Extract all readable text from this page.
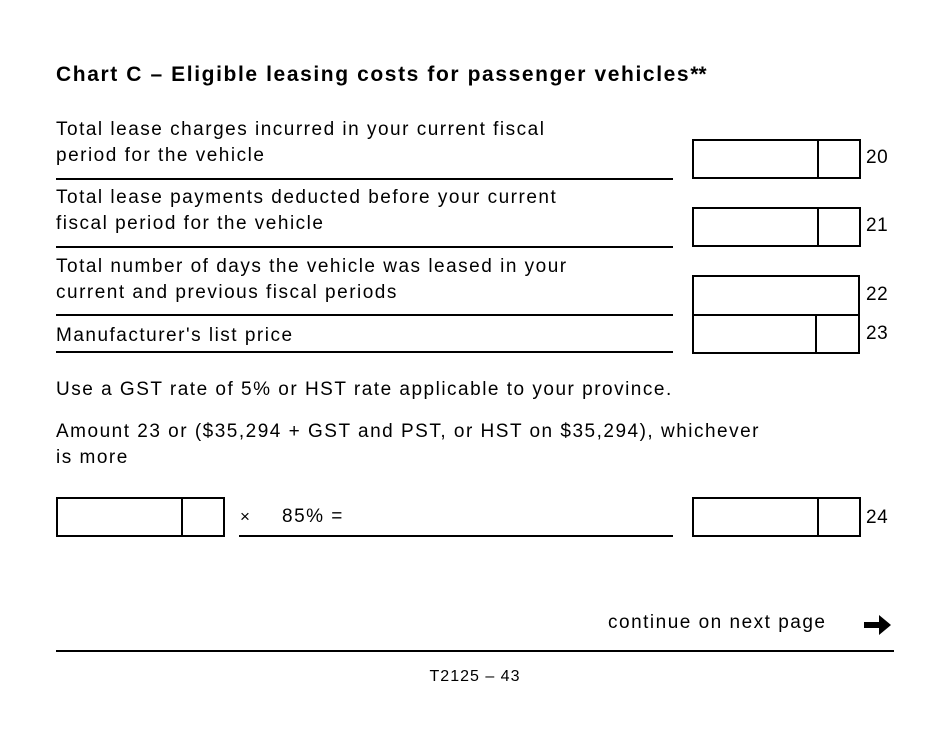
Chart C – Eligible leasing costs for passenger vehicles**
Total lease charges incurred in your current fiscal
period for the vehicle	20
Total lease payments deducted before your current
fiscal period for the vehicle	21
Total number of days the vehicle was leased in your
current and previous fiscal periods	22
Manufacturer's list price	23
Use a GST rate of 5% or HST rate applicable to your province.
Amount 23 or ($35,294 + GST and PST, or HST on $35,294), whichever
is more
× 85% =	24
continue on next page
T2125 – 43
